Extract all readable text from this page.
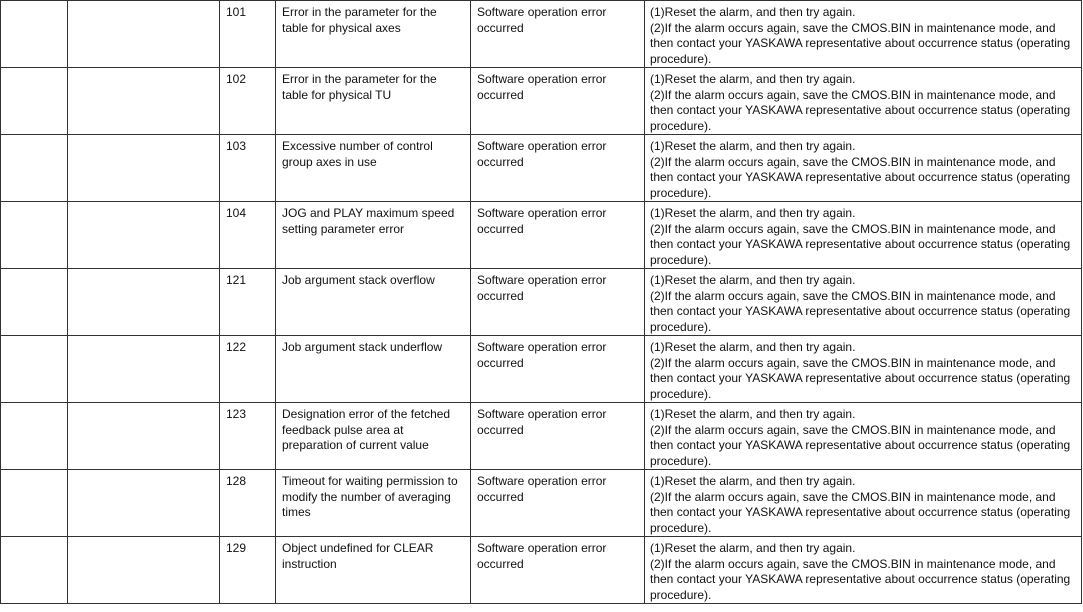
		101	Error in the parameter for the table for physical axes	Software operation error occurred	(1)Reset the alarm, and then try again.
(2)If the alarm occurs again, save the CMOS.BIN in maintenance mode, and then contact your YASKAWA representative about occurrence status (operating procedure).

		102	Error in the parameter for the table for physical TU	Software operation error occurred	(1)Reset the alarm, and then try again.
(2)If the alarm occurs again, save the CMOS.BIN in maintenance mode, and then contact your YASKAWA representative about occurrence status (operating procedure).

		103	Excessive number of control group axes in use	Software operation error occurred	(1)Reset the alarm, and then try again.
(2)If the alarm occurs again, save the CMOS.BIN in maintenance mode, and then contact your YASKAWA representative about occurrence status (operating procedure).

		104	JOG and PLAY maximum speed setting parameter error	Software operation error occurred	(1)Reset the alarm, and then try again.
(2)If the alarm occurs again, save the CMOS.BIN in maintenance mode, and then contact your YASKAWA representative about occurrence status (operating procedure).

		121	Job argument stack overflow	Software operation error occurred	(1)Reset the alarm, and then try again.
(2)If the alarm occurs again, save the CMOS.BIN in maintenance mode, and then contact your YASKAWA representative about occurrence status (operating procedure).

		122	Job argument stack underflow	Software operation error occurred	(1)Reset the alarm, and then try again.
(2)If the alarm occurs again, save the CMOS.BIN in maintenance mode, and then contact your YASKAWA representative about occurrence status (operating procedure).

		123	Designation error of the fetched feedback pulse area at preparation of current value	Software operation error occurred	(1)Reset the alarm, and then try again.
(2)If the alarm occurs again, save the CMOS.BIN in maintenance mode, and then contact your YASKAWA representative about occurrence status (operating procedure).

		128	Timeout for waiting permission to modify the number of averaging times	Software operation error occurred	(1)Reset the alarm, and then try again.
(2)If the alarm occurs again, save the CMOS.BIN in maintenance mode, and then contact your YASKAWA representative about occurrence status (operating procedure).

		129	Object undefined for CLEAR instruction	Software operation error occurred	(1)Reset the alarm, and then try again.
(2)If the alarm occurs again, save the CMOS.BIN in maintenance mode, and then contact your YASKAWA representative about occurrence status (operating procedure).
